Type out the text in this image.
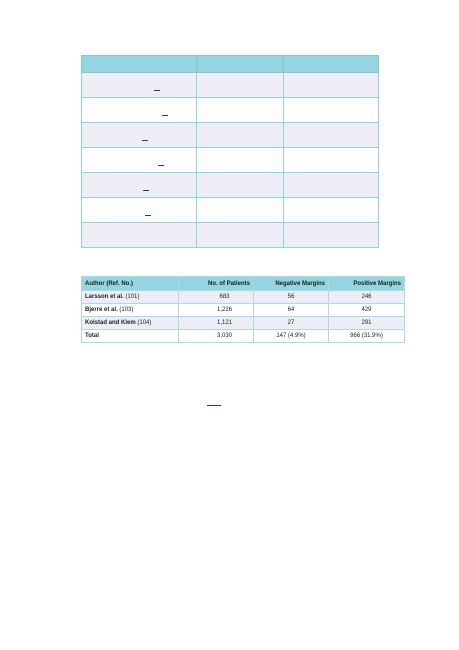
Author (Ref. No.)	No. of Patients	Negative Margins	Positive Margins
Larsson et al. (101)	683	56	246
Bjerre et al. (103)	1,226	64	429
Kolstad and Klem (104)	1,121	27	291
Total	3,030	147 (4.9%)	966 (31.9%)
